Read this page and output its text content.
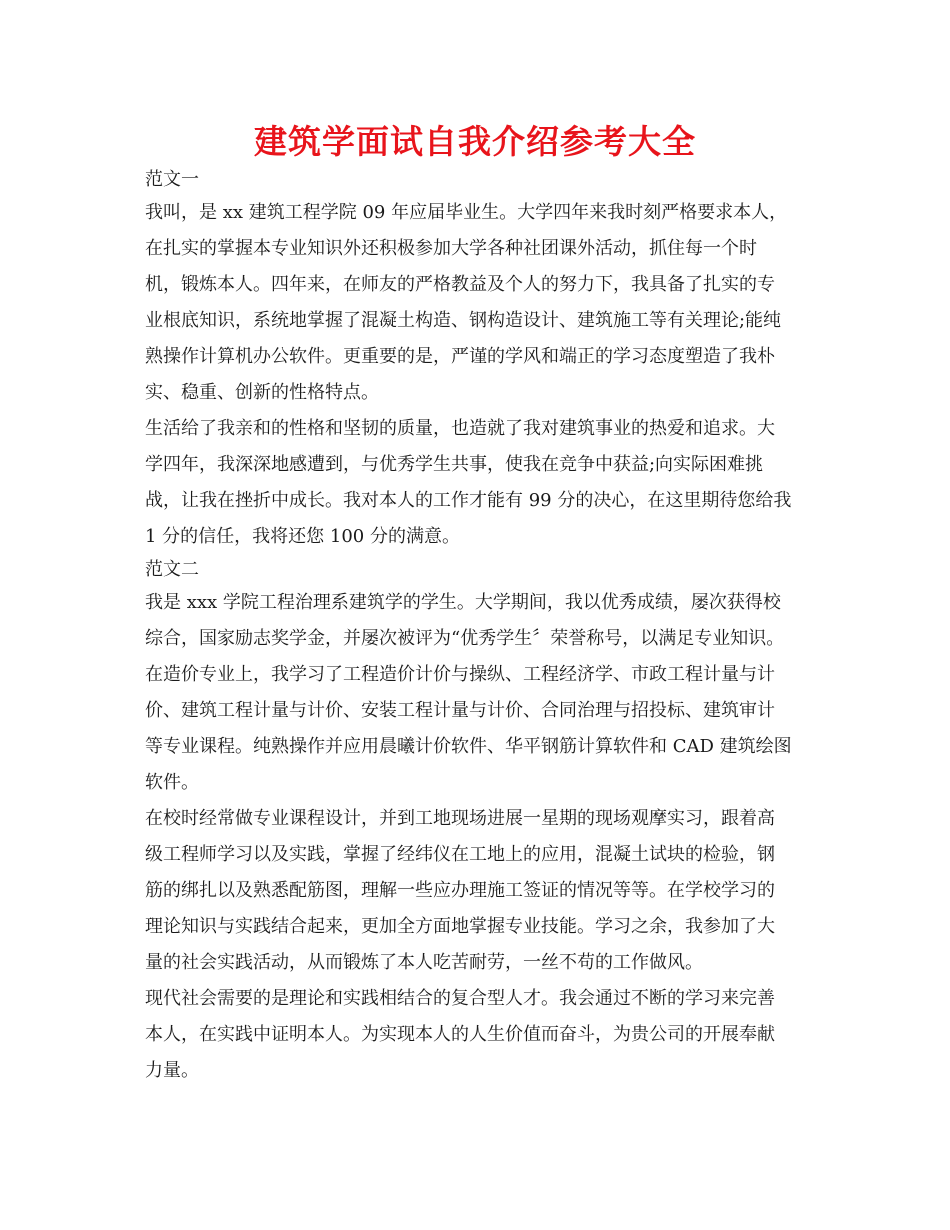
建筑学面试自我介绍参考大全
范文一
我叫，是 xx 建筑工程学院 09 年应届毕业生。大学四年来我时刻严格要求本人，
在扎实的掌握本专业知识外还积极参加大学各种社团课外活动，抓住每一个时
机，锻炼本人。四年来，在师友的严格教益及个人的努力下，我具备了扎实的专
业根底知识，系统地掌握了混凝土构造、钢构造设计、建筑施工等有关理论;能纯
熟操作计算机办公软件。更重要的是，严谨的学风和端正的学习态度塑造了我朴
实、稳重、创新的性格特点。
生活给了我亲和的性格和坚韧的质量，也造就了我对建筑事业的热爱和追求。大
学四年，我深深地感遭到，与优秀学生共事，使我在竞争中获益;向实际困难挑
战，让我在挫折中成长。我对本人的工作才能有 99 分的决心，在这里期待您给我
1 分的信任，我将还您 100 分的满意。
范文二
我是 xxx 学院工程治理系建筑学的学生。大学期间，我以优秀成绩，屡次获得校
综合，国家励志奖学金，并屡次被评为“优秀学生〞荣誉称号，以满足专业知识。
在造价专业上，我学习了工程造价计价与操纵、工程经济学、市政工程计量与计
价、建筑工程计量与计价、安装工程计量与计价、合同治理与招投标、建筑审计
等专业课程。纯熟操作并应用晨曦计价软件、华平钢筋计算软件和 CAD 建筑绘图
软件。
在校时经常做专业课程设计，并到工地现场进展一星期的现场观摩实习，跟着高
级工程师学习以及实践，掌握了经纬仪在工地上的应用，混凝土试块的检验，钢
筋的绑扎以及熟悉配筋图，理解一些应办理施工签证的情况等等。在学校学习的
理论知识与实践结合起来，更加全方面地掌握专业技能。学习之余，我参加了大
量的社会实践活动，从而锻炼了本人吃苦耐劳，一丝不苟的工作做风。
现代社会需要的是理论和实践相结合的复合型人才。我会通过不断的学习来完善
本人，在实践中证明本人。为实现本人的人生价值而奋斗，为贵公司的开展奉献
力量。
